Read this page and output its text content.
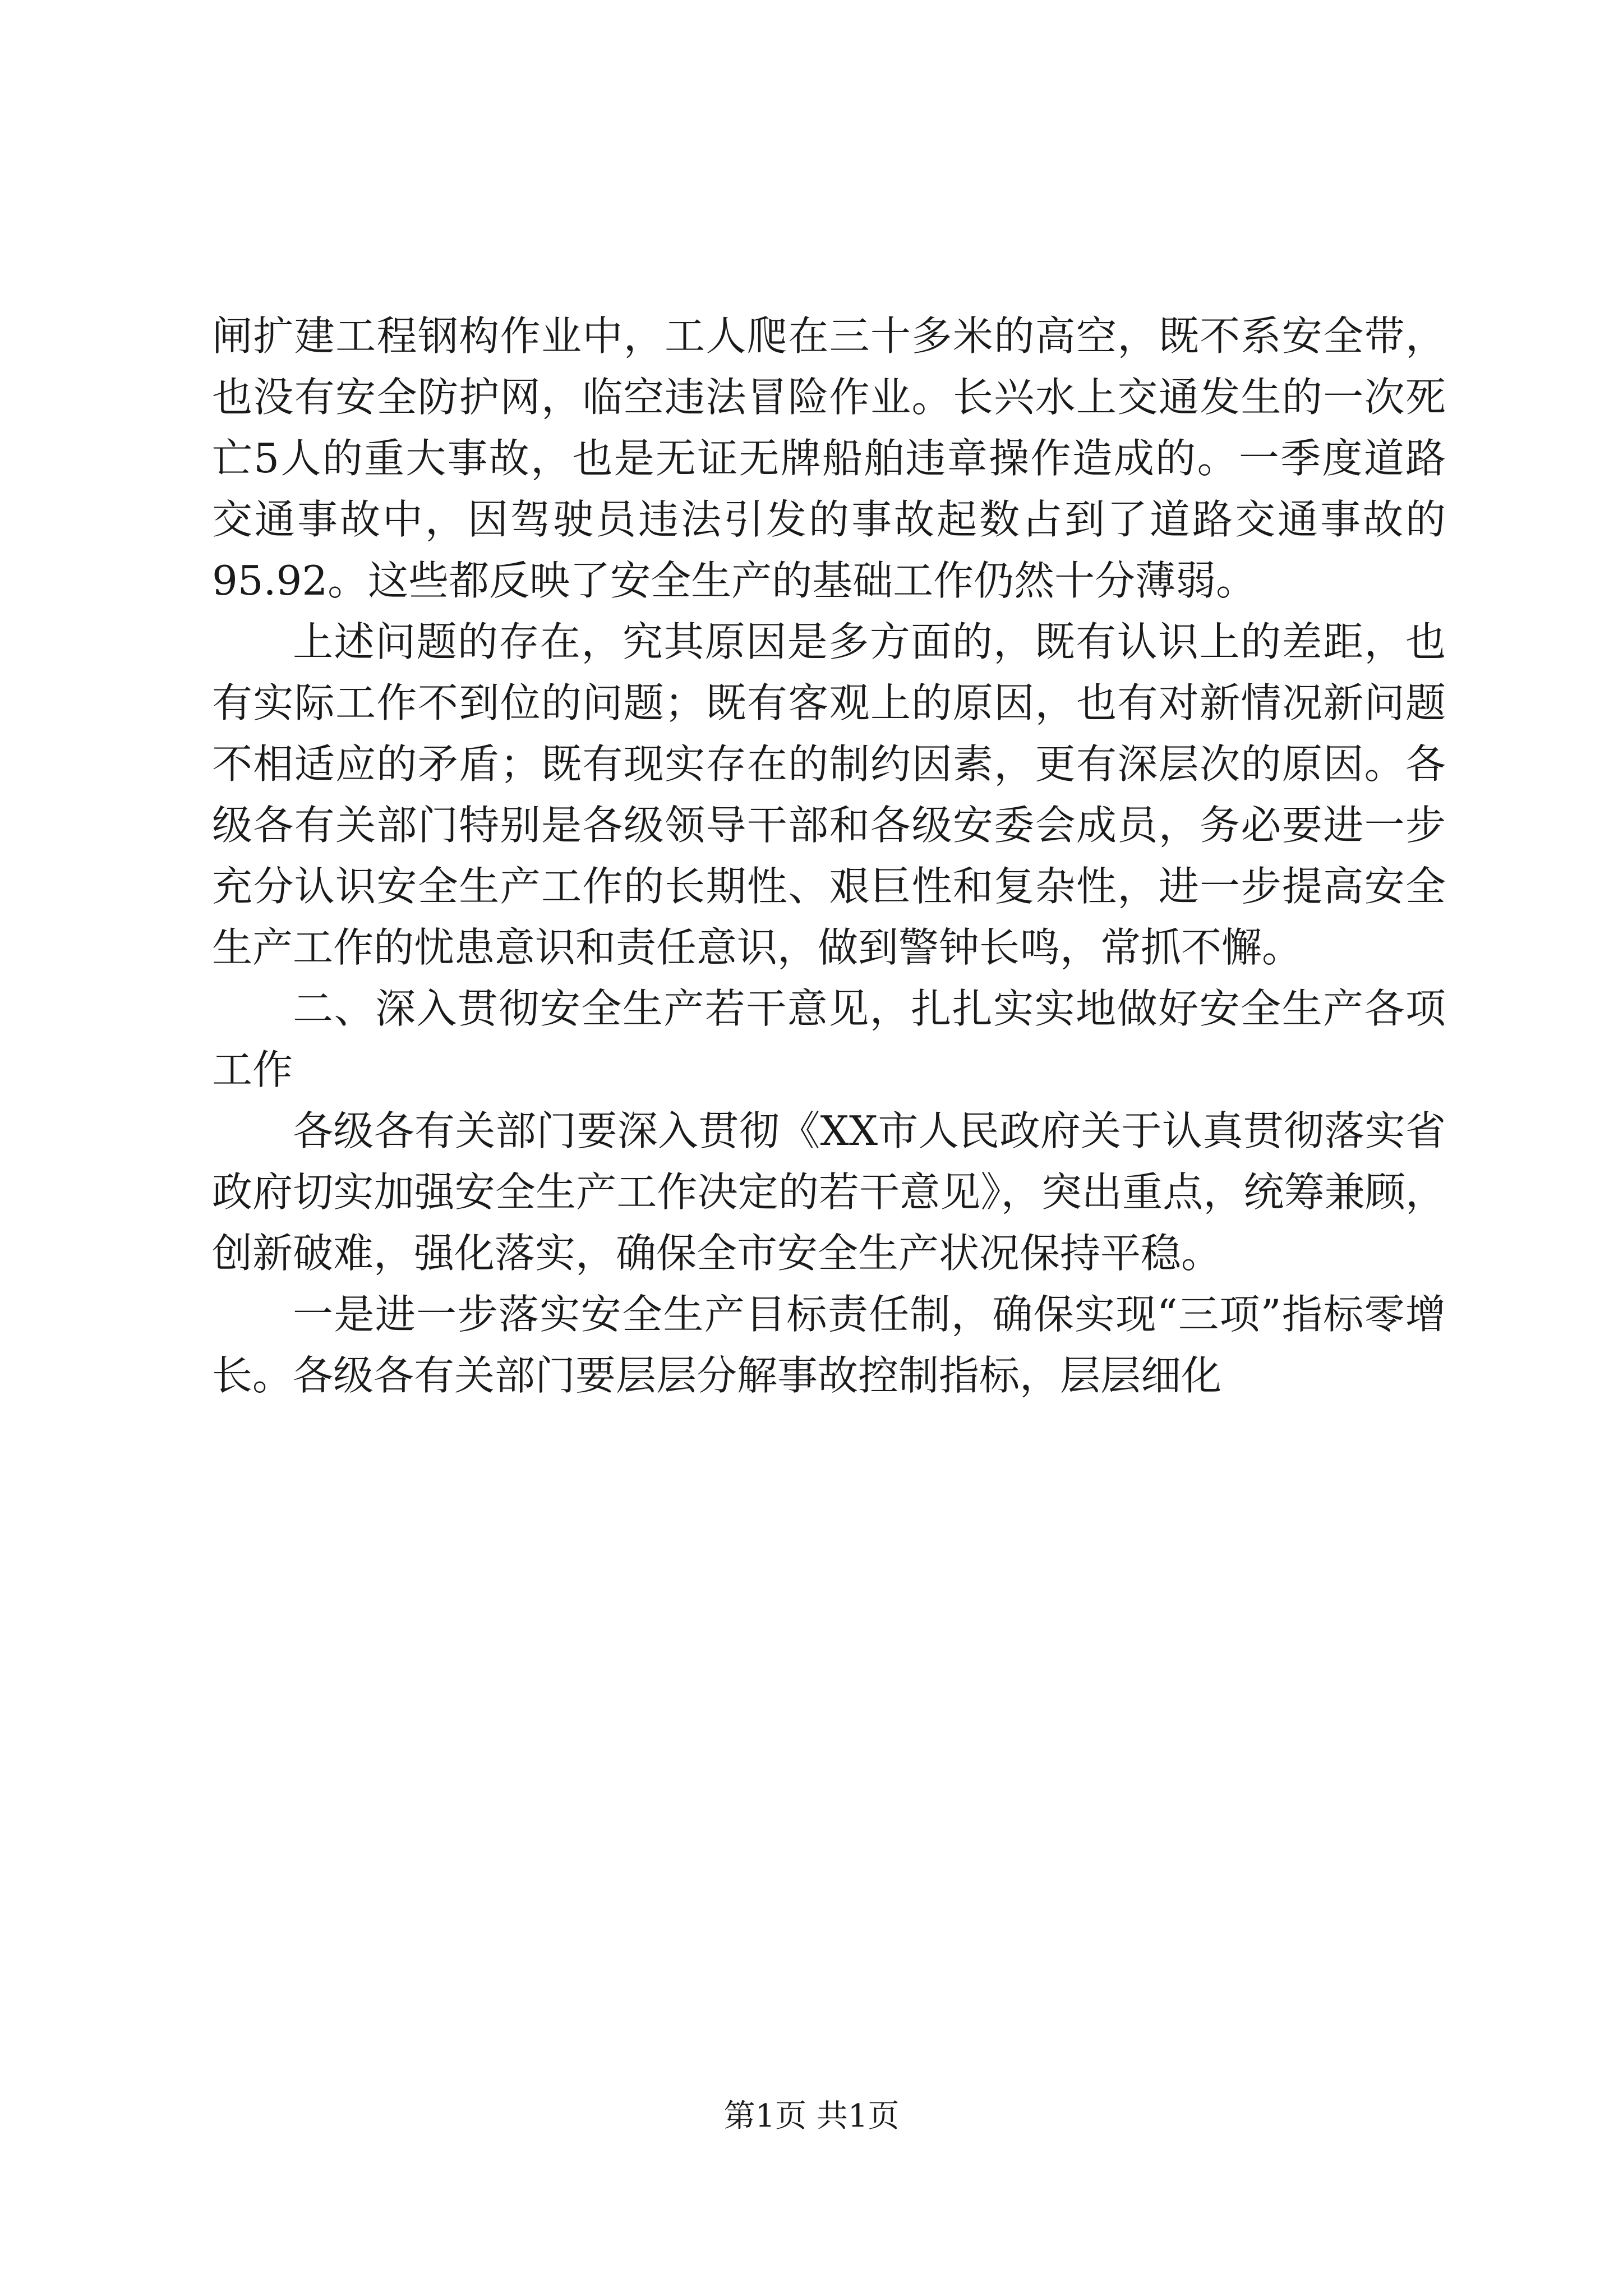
闸扩建工程钢构作业中，工人爬在三十多米的高空，既不系安全带，也没有安全防护网，临空违法冒险作业。长兴水上交通发生的一次死亡5人的重大事故，也是无证无牌船舶违章操作造成的。一季度道路交通事故中，因驾驶员违法引发的事故起数占到了道路交通事故的95.92。这些都反映了安全生产的基础工作仍然十分薄弱。

上述问题的存在，究其原因是多方面的，既有认识上的差距，也有实际工作不到位的问题；既有客观上的原因，也有对新情况新问题不相适应的矛盾；既有现实存在的制约因素，更有深层次的原因。各级各有关部门特别是各级领导干部和各级安委会成员，务必要进一步充分认识安全生产工作的长期性、艰巨性和复杂性，进一步提高安全生产工作的忧患意识和责任意识，做到警钟长鸣，常抓不懈。

二、深入贯彻安全生产若干意见，扎扎实实地做好安全生产各项工作

各级各有关部门要深入贯彻《XX市人民政府关于认真贯彻落实省政府切实加强安全生产工作决定的若干意见》，突出重点，统筹兼顾，创新破难，强化落实，确保全市安全生产状况保持平稳。

一是进一步落实安全生产目标责任制，确保实现“三项”指标零增长。各级各有关部门要层层分解事故控制指标，层层细化

第1页 共1页
